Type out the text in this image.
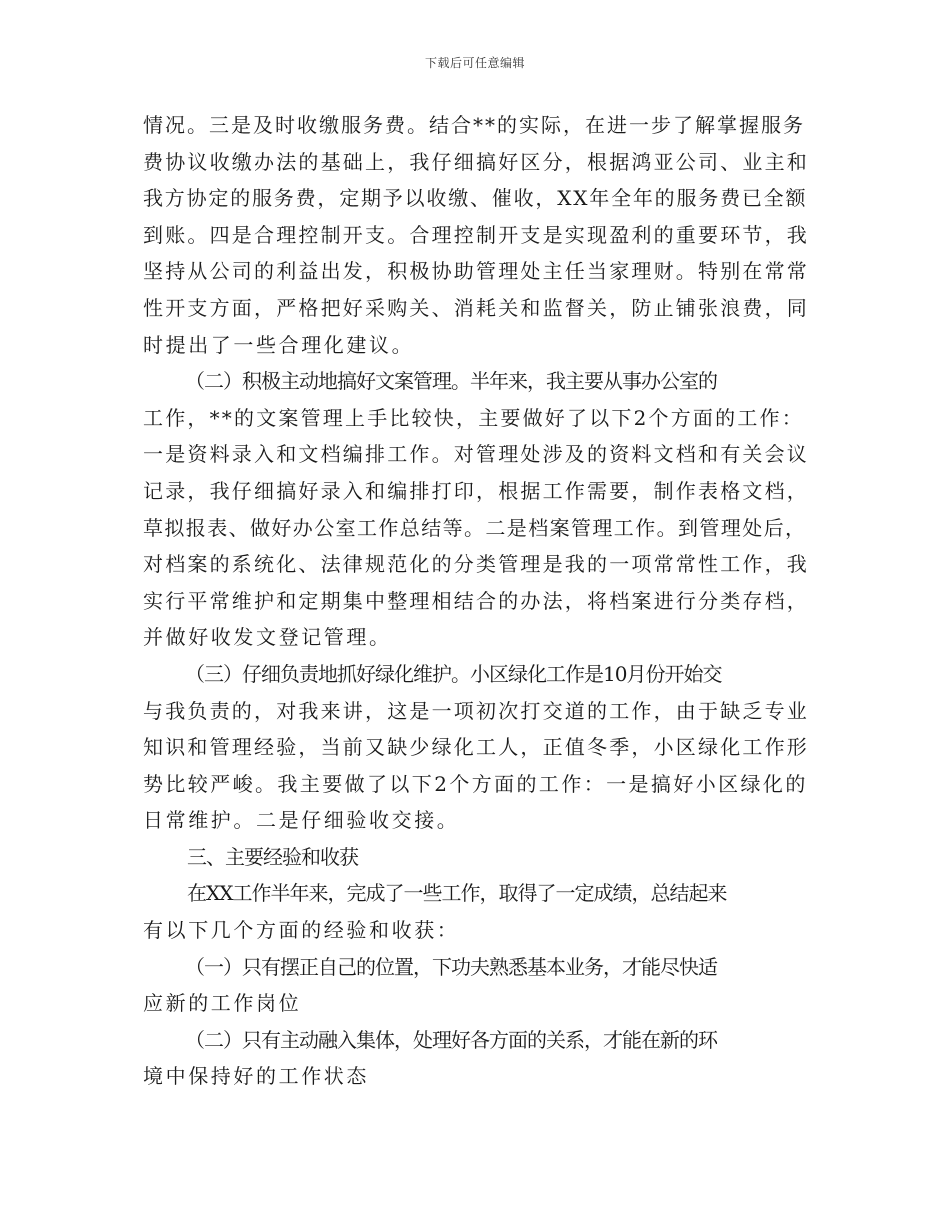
下载后可任意编辑
情况。三是及时收缴服务费。结合**的实际，在进一步了解掌握服务
费协议收缴办法的基础上，我仔细搞好区分，根据鸿亚公司、业主和
我方协定的服务费，定期予以收缴、催收，XX年全年的服务费已全额
到账。四是合理控制开支。合理控制开支是实现盈利的重要环节，我
坚持从公司的利益出发，积极协助管理处主任当家理财。特别在常常
性开支方面，严格把好采购关、消耗关和监督关，防止铺张浪费，同
时提出了一些合理化建议。
（二）积极主动地搞好文案管理。半年来，我主要从事办公室的
工作，**的文案管理上手比较快，主要做好了以下2个方面的工作：
一是资料录入和文档编排工作。对管理处涉及的资料文档和有关会议
记录，我仔细搞好录入和编排打印，根据工作需要，制作表格文档，
草拟报表、做好办公室工作总结等。二是档案管理工作。到管理处后，
对档案的系统化、法律规范化的分类管理是我的一项常常性工作，我
实行平常维护和定期集中整理相结合的办法，将档案进行分类存档，
并做好收发文登记管理。
（三）仔细负责地抓好绿化维护。小区绿化工作是10月份开始交
与我负责的，对我来讲，这是一项初次打交道的工作，由于缺乏专业
知识和管理经验，当前又缺少绿化工人，正值冬季，小区绿化工作形
势比较严峻。我主要做了以下2个方面的工作：一是搞好小区绿化的
日常维护。二是仔细验收交接。
三、主要经验和收获
在XX工作半年来，完成了一些工作，取得了一定成绩，总结起来
有以下几个方面的经验和收获：
（一）只有摆正自己的位置，下功夫熟悉基本业务，才能尽快适
应新的工作岗位
（二）只有主动融入集体，处理好各方面的关系，才能在新的环
境中保持好的工作状态
